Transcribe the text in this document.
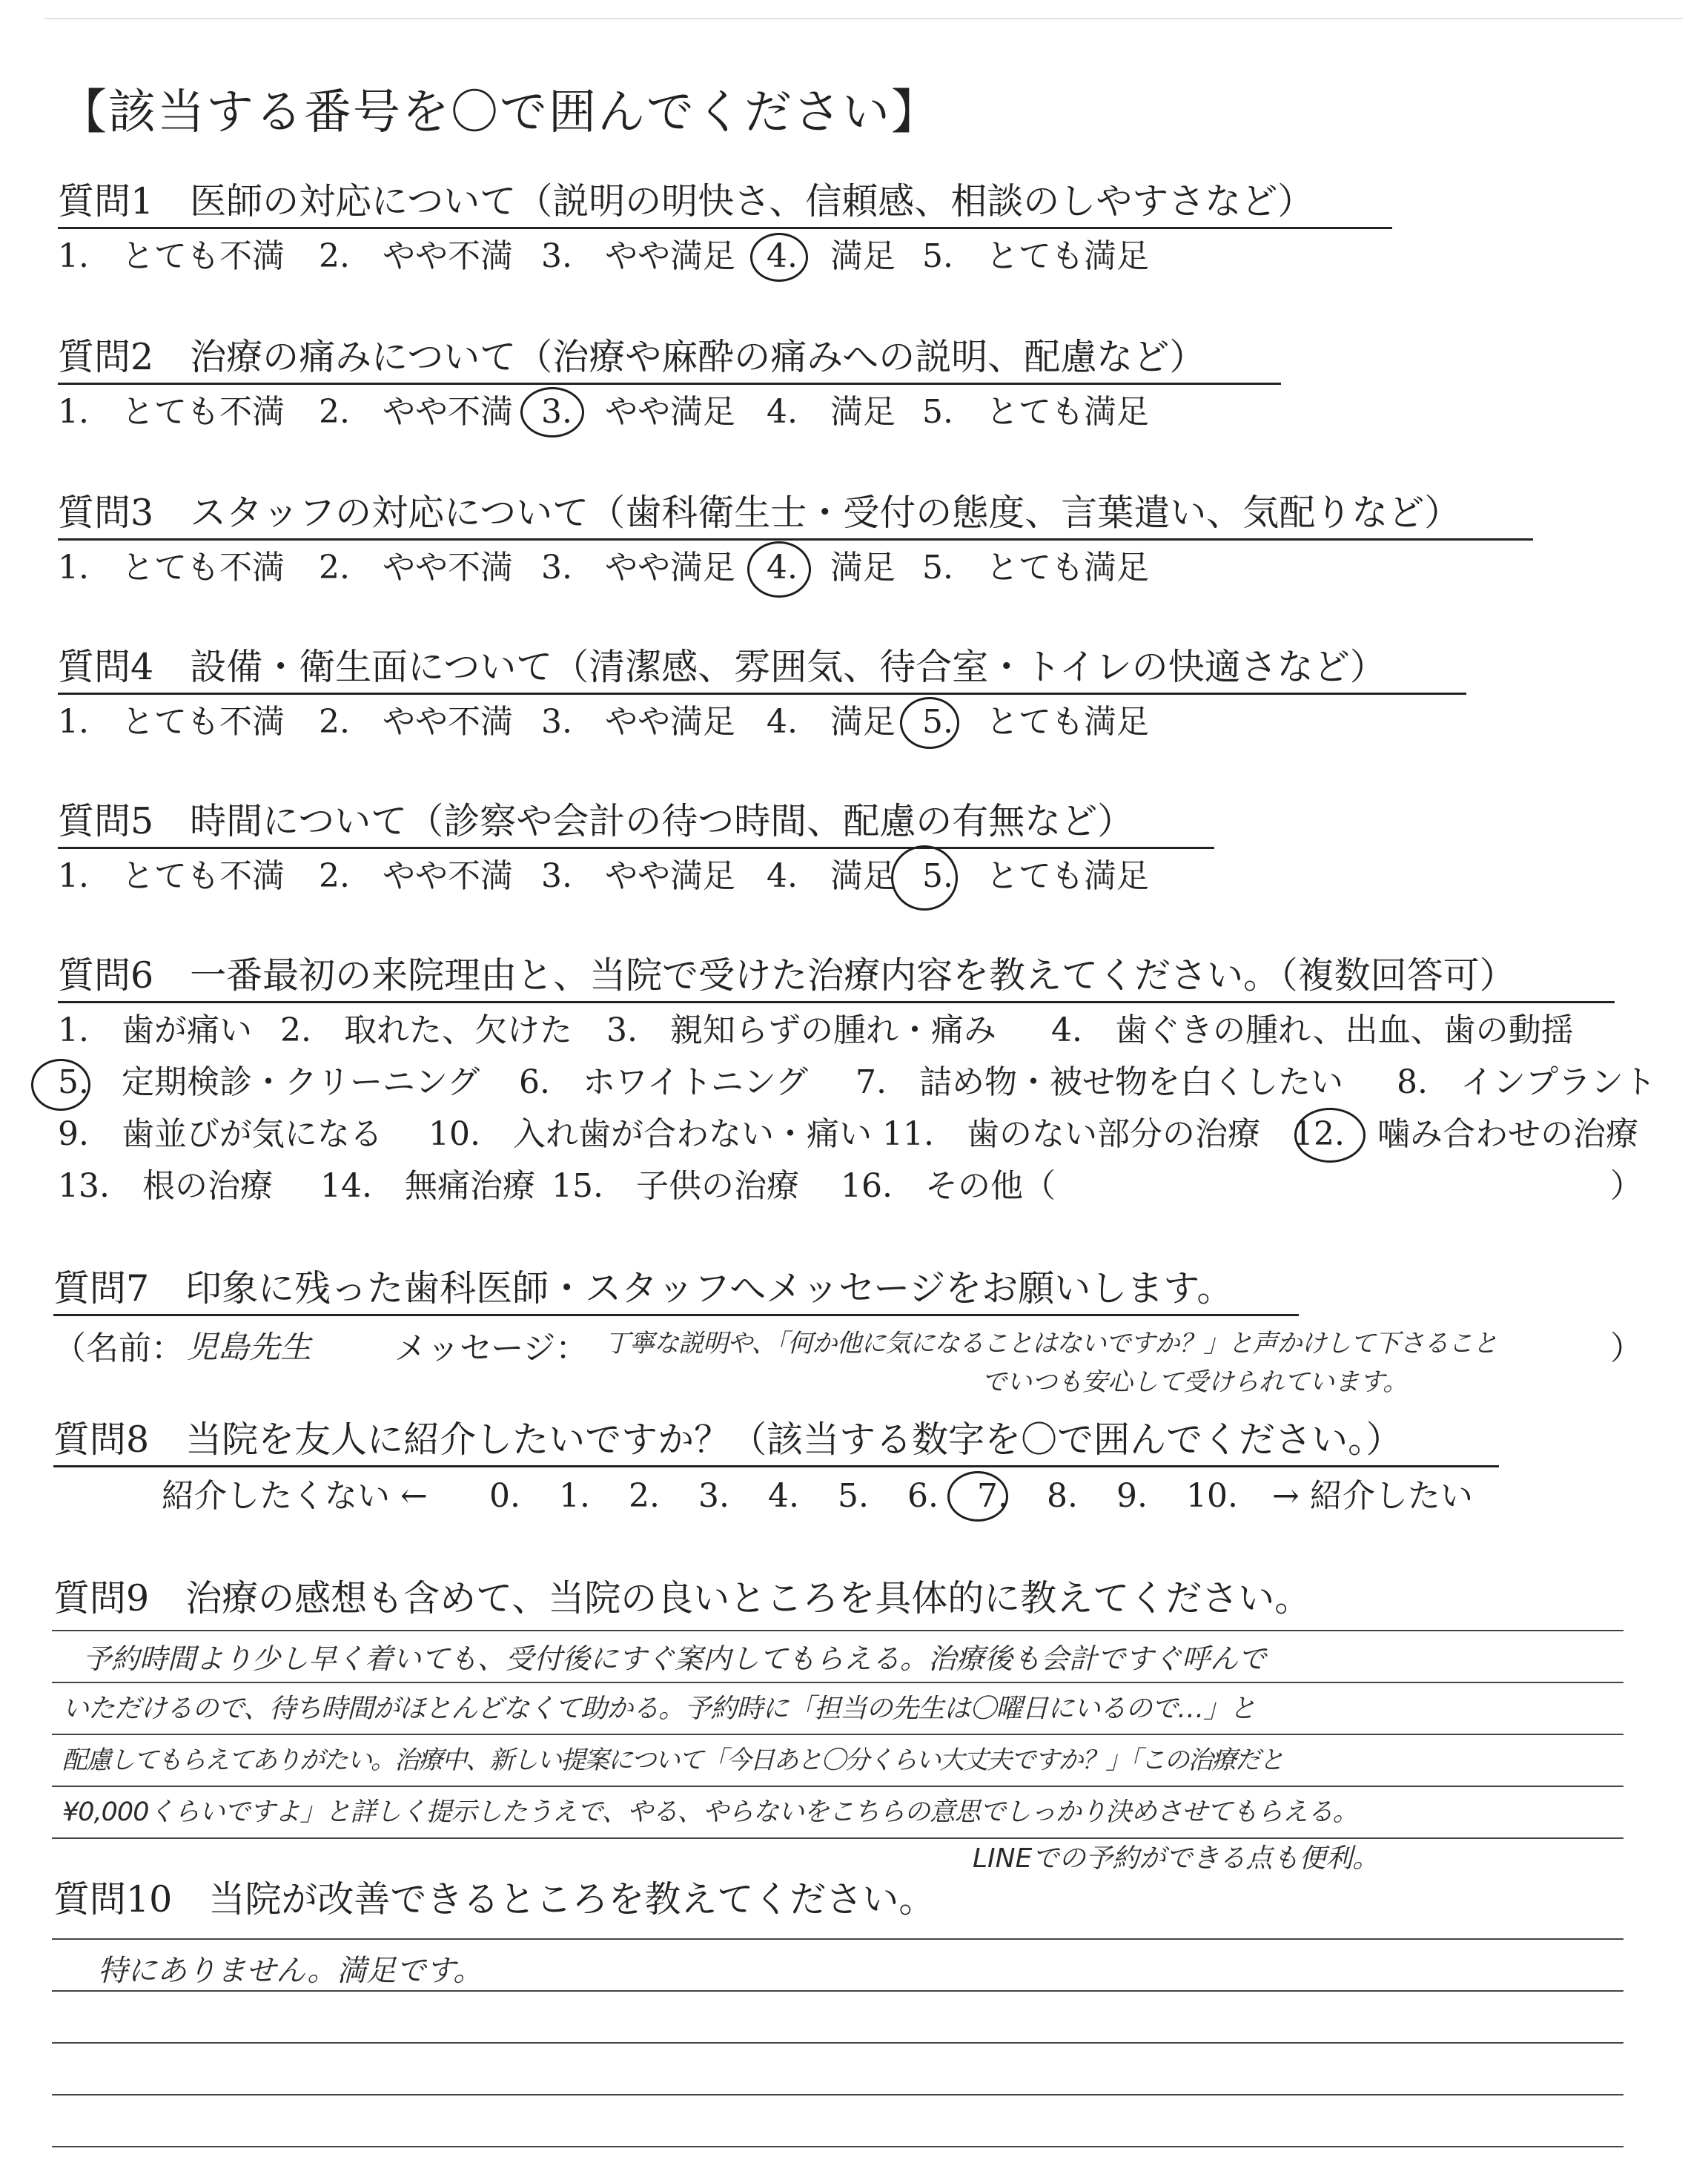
【該当する番号を〇で囲んでください】
質問1　医師の対応について（説明の明快さ、信頼感、相談のしやすさなど）
1.　とても不満 2.　やや不満 3.　やや満足 4.　満足 5.　とても満足
質問2　治療の痛みについて（治療や麻酔の痛みへの説明、配慮など）
1.　とても不満 2.　やや不満 3.　やや満足 4.　満足 5.　とても満足
質問3　スタッフの対応について（歯科衛生士・受付の態度、言葉遣い、気配りなど）
1.　とても不満 2.　やや不満 3.　やや満足 4.　満足 5.　とても満足
質問4　設備・衛生面について（清潔感、雰囲気、待合室・トイレの快適さなど）
1.　とても不満 2.　やや不満 3.　やや満足 4.　満足 5.　とても満足
質問5　時間について（診察や会計の待つ時間、配慮の有無など）
1.　とても不満 2.　やや不満 3.　やや満足 4.　満足 5.　とても満足
質問6　一番最初の来院理由と、当院で受けた治療内容を教えてください。（複数回答可）
1.　歯が痛い 2.　取れた、欠けた 3.　親知らずの腫れ・痛み 4.　歯ぐきの腫れ、出血、歯の動揺
5.　定期検診・クリーニング 6.　ホワイトニング 7.　詰め物・被せ物を白くしたい 8.　インプラント
9.　歯並びが気になる 10.　入れ歯が合わない・痛い 11.　歯のない部分の治療 12.　噛み合わせの治療
13.　根の治療 14.　無痛治療 15.　子供の治療 16.　その他（	）
質問7　印象に残った歯科医師・スタッフへメッセージをお願いします。
（名前： 児島先生	メッセージ： 丁寧な説明や、「何か他に気になることはないですか？」と声かけして下さること	）
でいつも安心して受けられています。
質問8　当院を友人に紹介したいですか？（該当する数字を〇で囲んでください。）
紹介したくない ← 0. 1. 2. 3. 4. 5. 6. 7. 8. 9. 10.	→ 紹介したい
質問9　治療の感想も含めて、当院の良いところを具体的に教えてください。
予約時間より少し早く着いても、受付後にすぐ案内してもらえる。治療後も会計ですぐ呼んで
いただけるので、待ち時間がほとんどなくて助かる。予約時に「担当の先生は〇曜日にいるので…」と
配慮してもらえてありがたい。治療中、新しい提案について「今日あと〇分くらい大丈夫ですか？」「この治療だと
¥0,000くらいですよ」と詳しく提示したうえで、やる、やらないをこちらの意思でしっかり決めさせてもらえる。
LINEでの予約ができる点も便利。
質問10　当院が改善できるところを教えてください。
特にありません。満足です。
